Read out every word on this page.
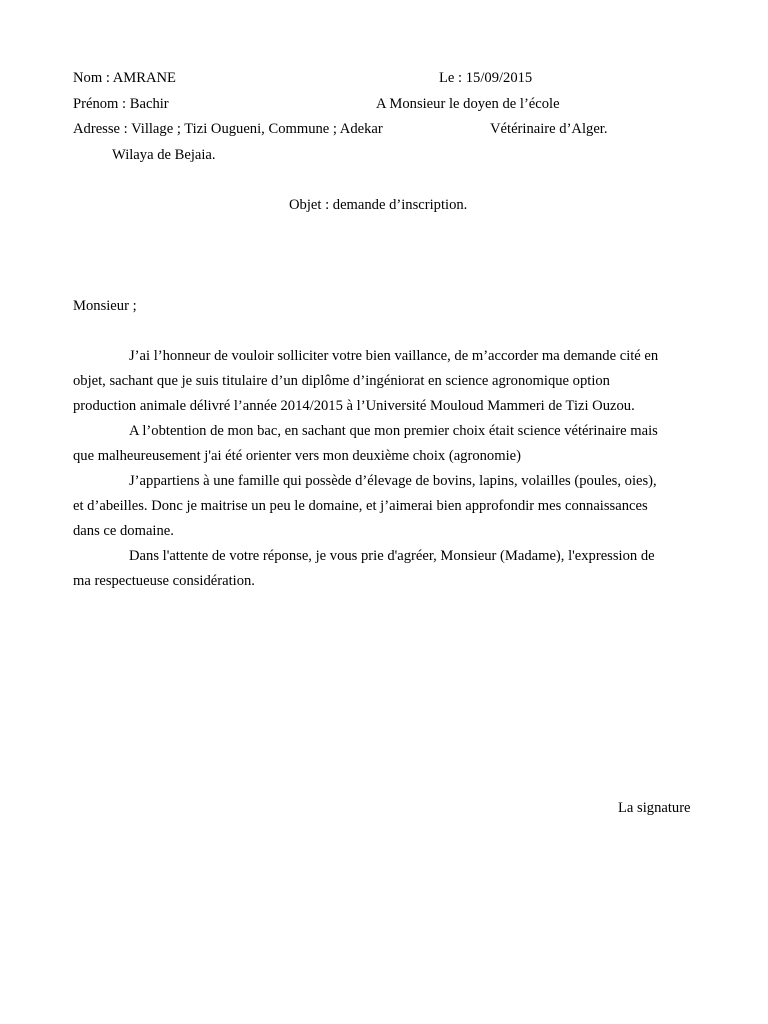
Nom : AMRANE	Le : 15/09/2015
Prénom : Bachir	A Monsieur le doyen de l’école
Adresse : Village ; Tizi Ougueni, Commune ; Adekar	Vétérinaire d’Alger.
Wilaya de Bejaia.
Objet : demande d’inscription.
Monsieur ;

J’ai l’honneur de vouloir solliciter votre bien vaillance, de m’accorder ma demande cité en

objet, sachant que je suis titulaire d’un diplôme d’ingéniorat en science agronomique option

production animale délivré l’année 2014/2015 à l’Université Mouloud Mammeri de Tizi Ouzou.

A l’obtention de mon bac, en sachant que mon premier choix était science vétérinaire mais

que malheureusement j'ai été orienter vers mon deuxième choix (agronomie)

J’appartiens à une famille qui possède d’élevage de bovins, lapins, volailles (poules, oies),

et d’abeilles. Donc je maitrise un peu le domaine, et j’aimerai bien approfondir mes connaissances

dans ce domaine.

Dans l'attente de votre réponse, je vous prie d'agréer, Monsieur (Madame), l'expression de

ma respectueuse considération.

La signature
